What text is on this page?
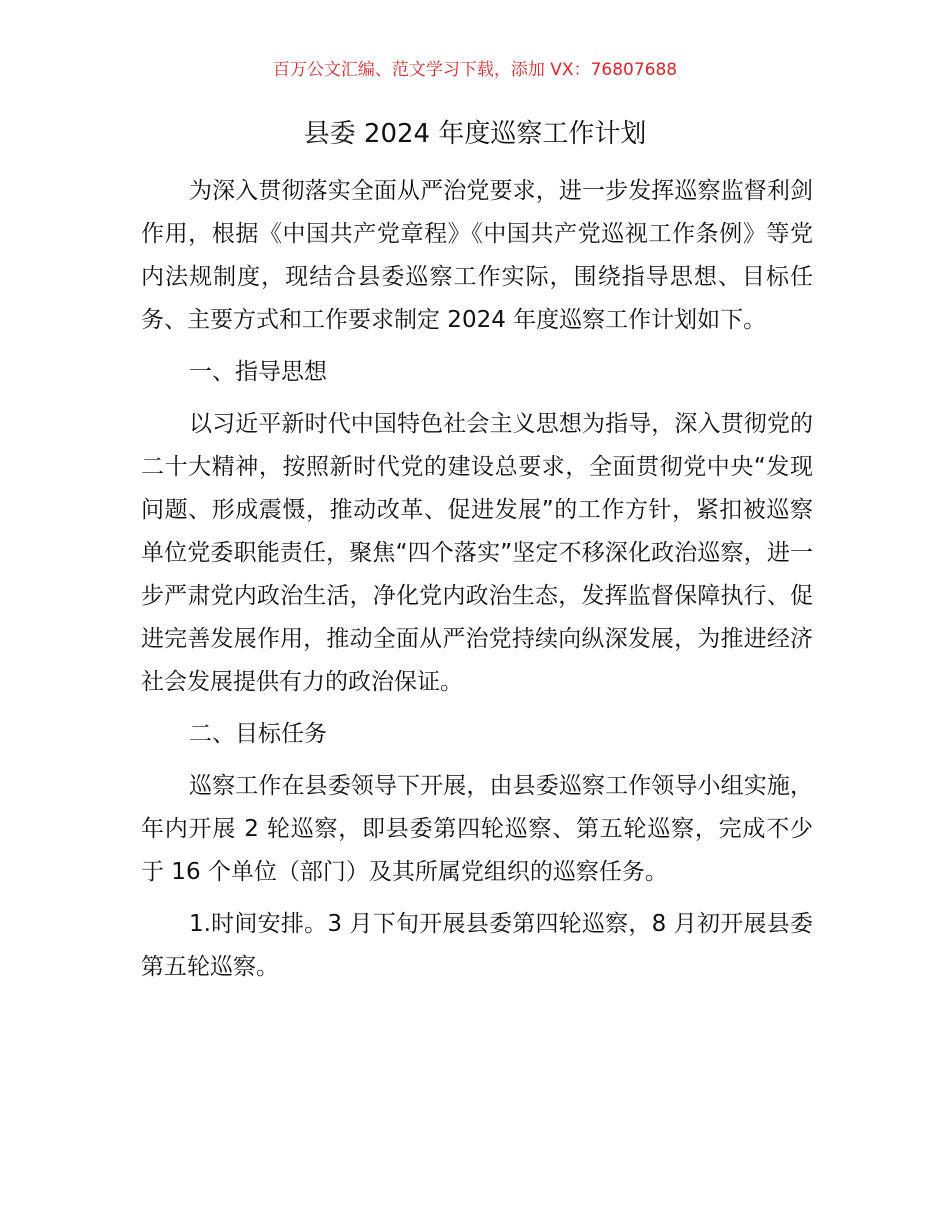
百万公文汇编、范文学习下载，添加 VX：76807688

县委 2024 年度巡察工作计划

为深入贯彻落实全面从严治党要求，进一步发挥巡察监督利剑作用，根据《中国共产党章程》《中国共产党巡视工作条例》等党内法规制度，现结合县委巡察工作实际，围绕指导思想、目标任务、主要方式和工作要求制定 2024 年度巡察工作计划如下。

一、指导思想

以习近平新时代中国特色社会主义思想为指导，深入贯彻党的二十大精神，按照新时代党的建设总要求，全面贯彻党中央“发现问题、形成震慑，推动改革、促进发展”的工作方针，紧扣被巡察单位党委职能责任，聚焦“四个落实”坚定不移深化政治巡察，进一步严肃党内政治生活，净化党内政治生态，发挥监督保障执行、促进完善发展作用，推动全面从严治党持续向纵深发展，为推进经济社会发展提供有力的政治保证。

二、目标任务

巡察工作在县委领导下开展，由县委巡察工作领导小组实施，年内开展 2 轮巡察，即县委第四轮巡察、第五轮巡察，完成不少于 16 个单位（部门）及其所属党组织的巡察任务。

1.时间安排。3 月下旬开展县委第四轮巡察，8 月初开展县委第五轮巡察。
